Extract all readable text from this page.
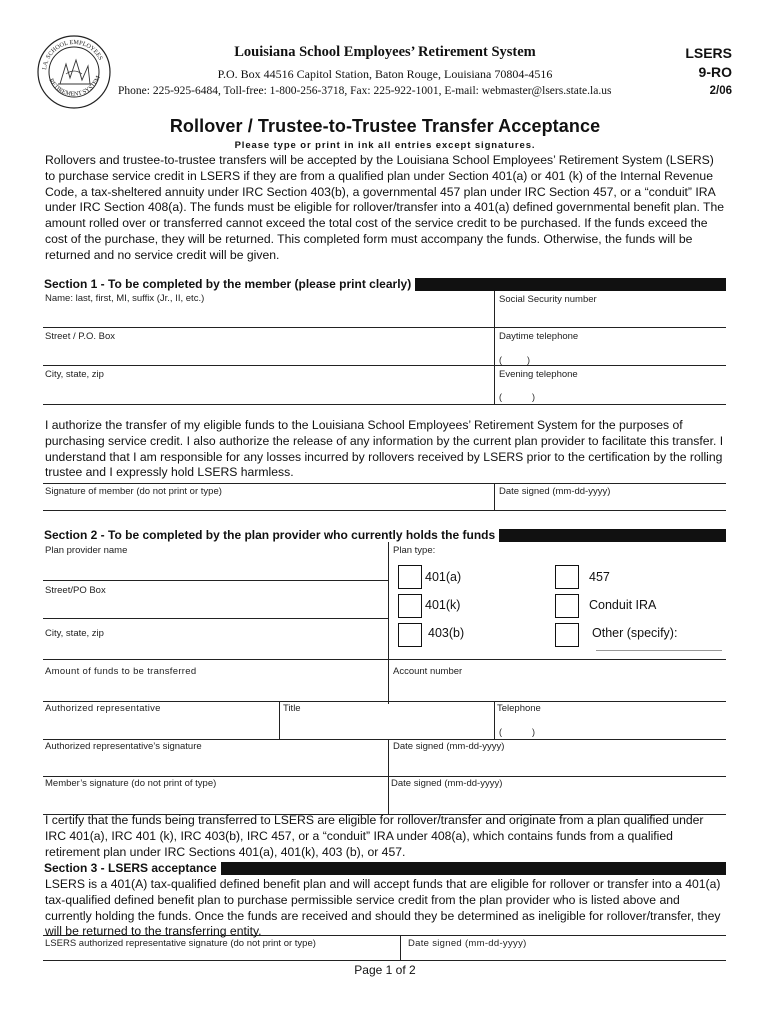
LA. SCHOOL EMPLOYEES
RETIREMENT SYSTEM
Louisiana School Employees’ Retirement System
P.O. Box 44516 Capitol Station, Baton Rouge, Louisiana 70804-4516
Phone: 225-925-6484, Toll-free: 1-800-256-3718, Fax: 225-922-1001, E-mail: webmaster@lsers.state.la.us
LSERS
9-RO
2/06
Rollover / Trustee-to-Trustee Transfer Acceptance
Please type or print in ink all entries except signatures.
Rollovers and trustee-to-trustee transfers will be accepted by the Louisiana School Employees’ Retirement System (LSERS) to purchase service credit in LSERS if they are from a qualified plan under Section 401(a) or 401 (k) of the Internal Revenue Code, a tax-sheltered annuity under IRC Section 403(b), a governmental 457 plan under IRC Section 457, or a “conduit” IRA under IRC Section 408(a). The funds must be eligible for rollover/transfer into a 401(a) defined governmental benefit plan. The amount rolled over or transferred cannot exceed the total cost of the service credit to be purchased. If the funds exceed the cost of the purchase, they will be returned. This completed form must accompany the funds. Otherwise, the funds will be returned and no service credit will be given.
Section 1 - To be completed by the member (please print clearly)
Name: last, first, MI, suffix (Jr., II, etc.)	Social Security number
Street / P.O. Box	Daytime telephone
(          )
City, state, zip	Evening telephone
(            )
I authorize the transfer of my eligible funds to the Louisiana School Employees’ Retirement System for the purposes of purchasing service credit. I also authorize the release of any information by the current plan provider to facilitate this transfer. I understand that I am responsible for any losses incurred by rollovers received by LSERS prior to the certification by the rolling trustee and I expressly hold LSERS harmless.
Signature of member (do not print or type)	Date signed (mm-dd-yyyy)
Section 2 - To be completed by the plan provider who currently holds the funds
Plan provider name	Plan type:
Street/PO Box
City, state, zip
401(a)	457
401(k)	Conduit IRA
403(b)	Other (specify):
Amount of funds to be transferred	Account number
Authorized representative	Title	Telephone
(            )
Authorized representative’s signature	Date signed (mm-dd-yyyy)
Member’s signature (do not print of type)	Date signed (mm-dd-yyyy)
I certify that the funds being transferred to LSERS are eligible for rollover/transfer and originate from a plan qualified under IRC 401(a), IRC 401 (k), IRC 403(b), IRC 457, or a “conduit” IRA under 408(a), which contains funds from a qualified retirement plan under IRC Sections 401(a), 401(k), 403 (b), or 457.
Section 3 - LSERS acceptance
LSERS is a 401(A) tax-qualified defined benefit plan and will accept funds that are eligible for rollover or transfer into a 401(a) tax-qualified defined benefit plan to purchase permissible service credit from the plan provider who is listed above and currently holding the funds. Once the funds are received and should they be determined as ineligible for rollover/transfer, they will be returned to the transferring entity.
LSERS authorized representative signature (do not print or type)	Date signed (mm-dd-yyyy)
Page 1 of 2
